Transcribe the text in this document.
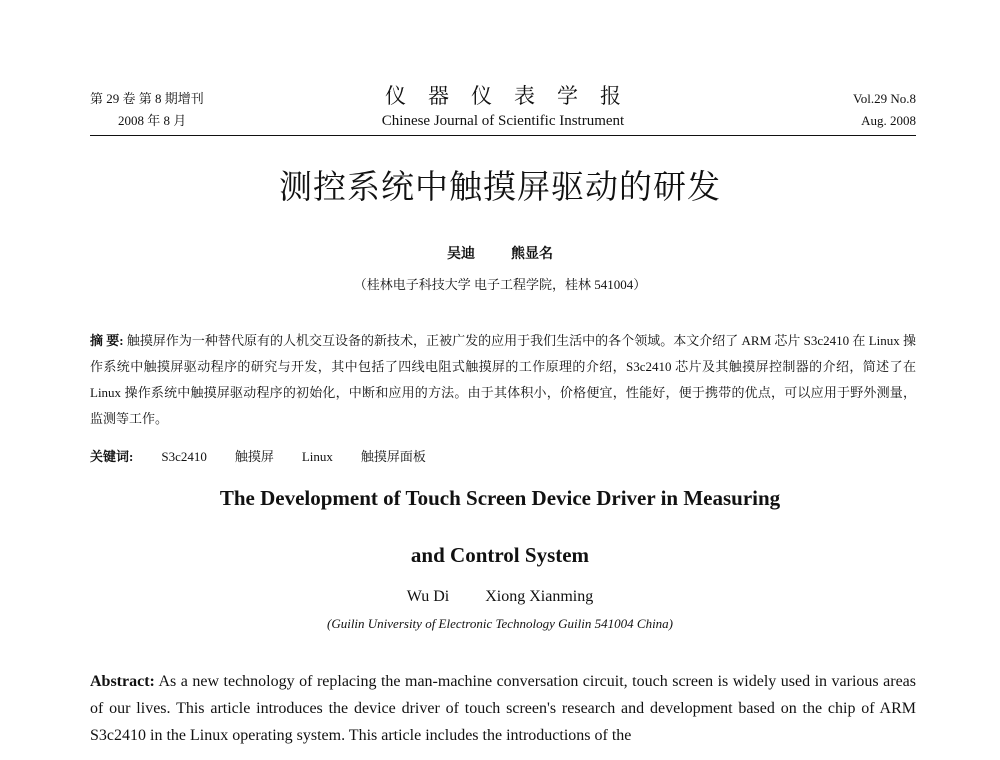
第 29 卷 第 8 期增刊
2008 年 8 月
仪器仪表学报
Chinese Journal of Scientific Instrument
Vol.29 No.8
Aug. 2008
测控系统中触摸屏驱动的研发
吴迪	熊显名
（桂林电子科技大学 电子工程学院，桂林 541004）
摘 要: 触摸屏作为一种替代原有的人机交互设备的新技术，正被广发的应用于我们生活中的各个领域。本文介绍了 ARM 芯片 S3c2410 在 Linux 操作系统中触摸屏驱动程序的研究与开发，其中包括了四线电阻式触摸屏的工作原理的介绍，S3c2410 芯片及其触摸屏控制器的介绍，简述了在 Linux 操作系统中触摸屏驱动程序的初始化，中断和应用的方法。由于其体积小，价格便宜，性能好，便于携带的优点，可以应用于野外测量，监测等工作。
关键词: S3c2410 触摸屏 Linux 触摸屏面板
The Development of Touch Screen Device Driver in Measuring
and Control System
Wu Di Xiong Xianming
(Guilin University of Electronic Technology Guilin 541004 China)
Abstract: As a new technology of replacing the man-machine conversation circuit, touch screen is widely used in various areas of our lives. This article introduces the device driver of touch screen's research and development based on the chip of ARM S3c2410 in the Linux operating system. This article includes the introductions of the
